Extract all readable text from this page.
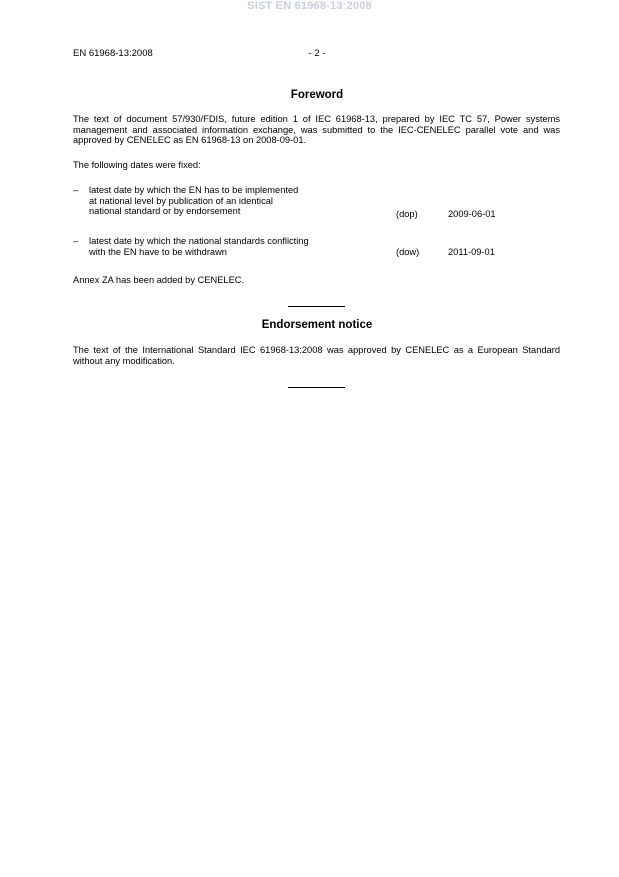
SIST EN 61968-13:2008
EN 61968-13:2008	- 2 -
Foreword
The text of document 57/930/FDIS, future edition 1 of IEC 61968-13, prepared by IEC TC 57, Power systems management and associated information exchange, was submitted to the IEC-CENELEC parallel vote and was approved by CENELEC as EN 61968-13 on 2008-09-01.
The following dates were fixed:
– latest date by which the EN has to be implemented
at national level by publication of an identical
national standard or by endorsement	(dop)	2009-06-01
– latest date by which the national standards conflicting
with the EN have to be withdrawn	(dow)	2011-09-01
Annex ZA has been added by CENELEC.
Endorsement notice
The text of the International Standard IEC 61968-13:2008 was approved by CENELEC as a European Standard without any modification.
